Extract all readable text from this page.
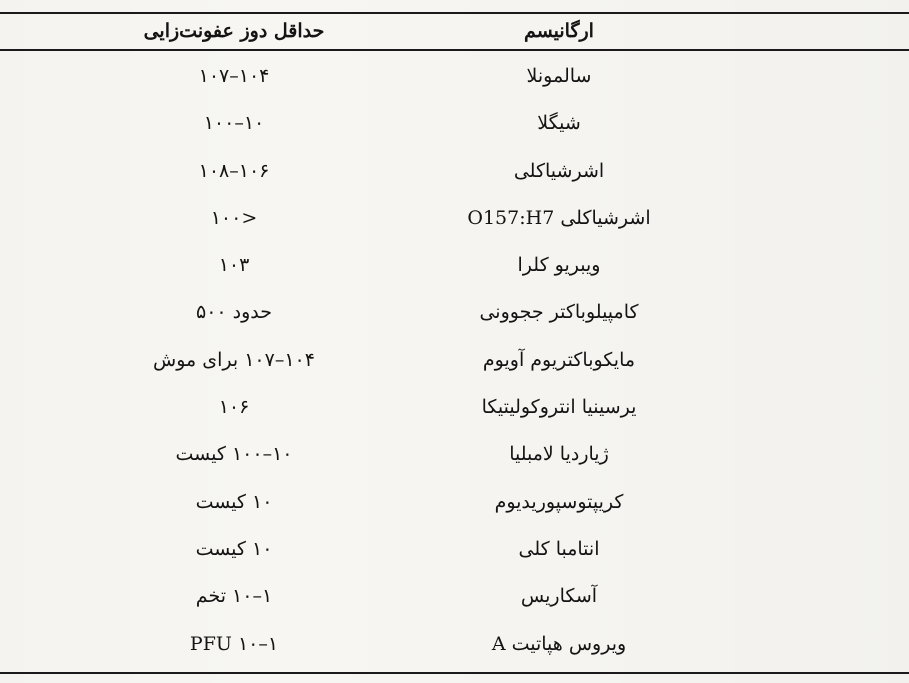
ارگانیسم
حداقل دوز عفونت‌زایی
سالمونلا
۱۰۴–۱۰۷
شیگلا
۱۰–۱۰۰
اشرشیاکلی
۱۰۶–۱۰۸
اشرشیاکلی O157:H7
<۱۰۰
ویبریو کلرا
۱۰۳
کامپیلوباکتر ججوونی
حدود ۵۰۰
مایکوباکتریوم آویوم
۱۰۴–۱۰۷ برای موش
یرسینیا انتروکولیتیکا
۱۰۶
ژیاردیا لامبلیا
۱۰–۱۰۰ کیست
کریپتوسپوریدیوم
۱۰ کیست
انتامبا کلی
۱۰ کیست
آسکاریس
۱–۱۰ تخم
ویروس هپاتیت A
۱–۱۰ PFU
